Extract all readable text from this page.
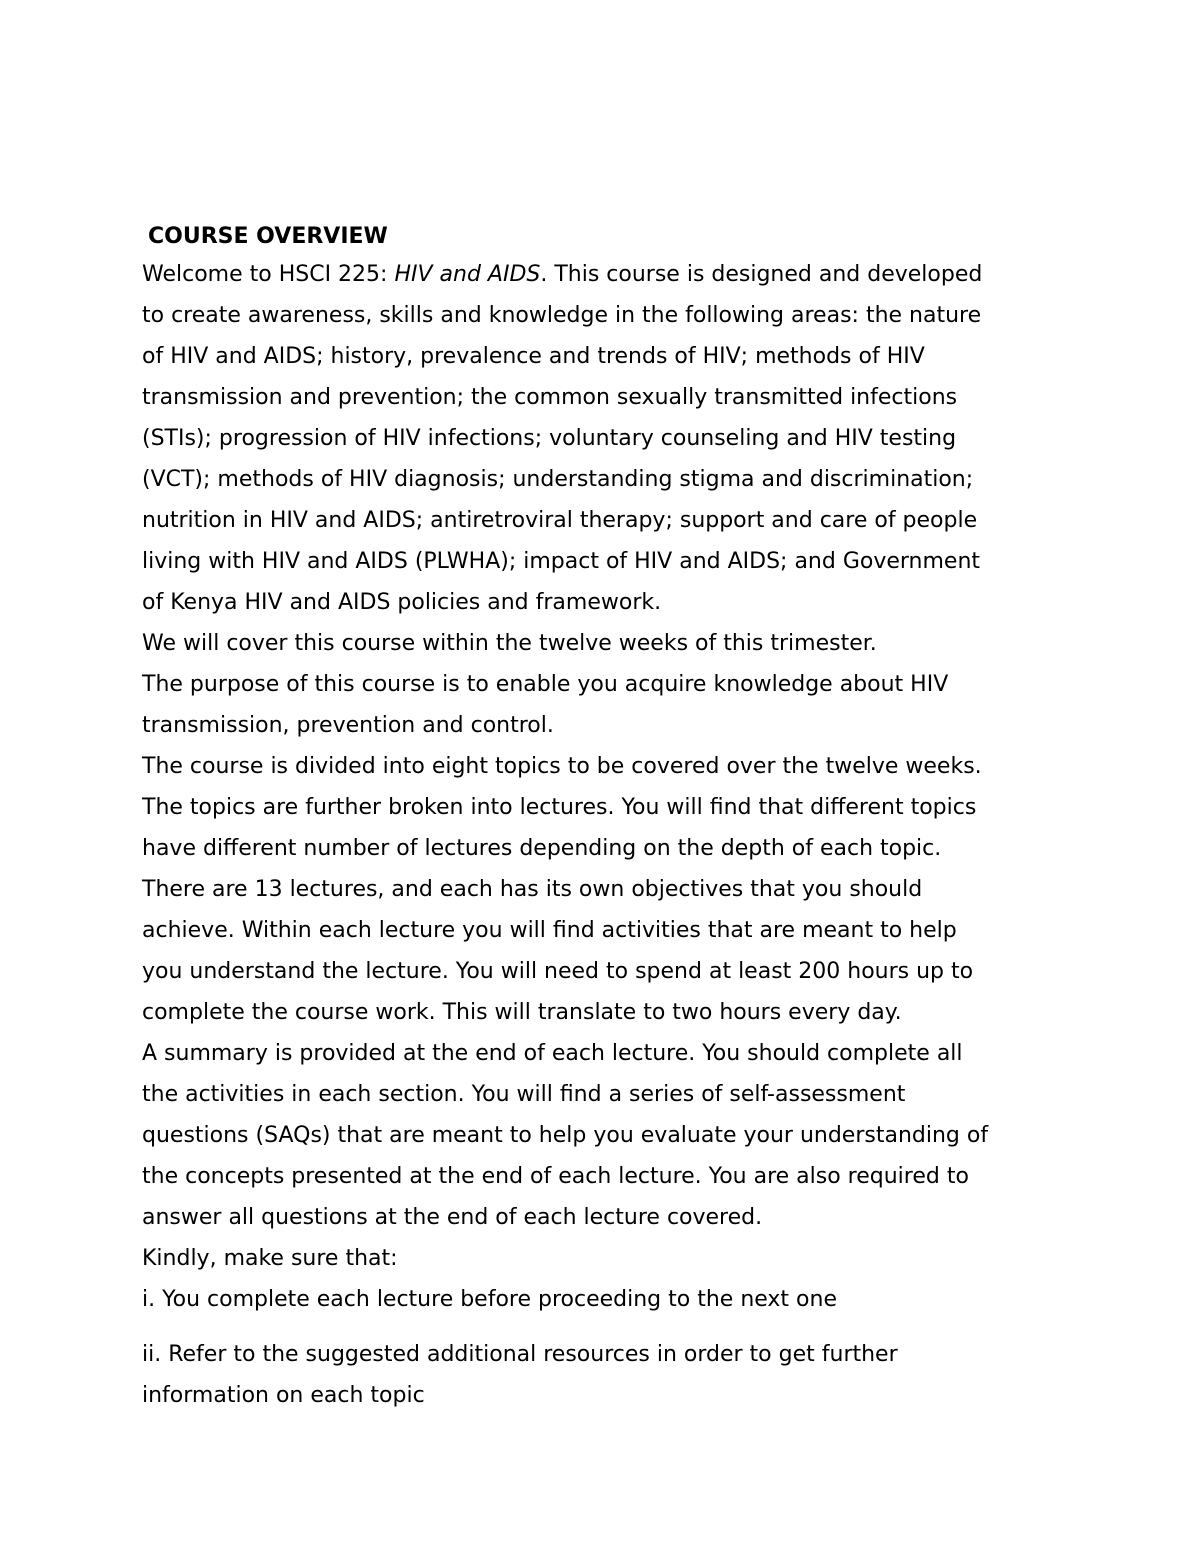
COURSE OVERVIEW
Welcome to HSCI 225: HIV and AIDS. This course is designed and developed
to create awareness, skills and knowledge in the following areas: the nature
of HIV and AIDS; history, prevalence and trends of HIV; methods of HIV
transmission and prevention; the common sexually transmitted infections
(STIs); progression of HIV infections; voluntary counseling and HIV testing
(VCT); methods of HIV diagnosis; understanding stigma and discrimination;
nutrition in HIV and AIDS; antiretroviral therapy; support and care of people
living with HIV and AIDS (PLWHA); impact of HIV and AIDS; and Government
of Kenya HIV and AIDS policies and framework.
We will cover this course within the twelve weeks of this trimester.
The purpose of this course is to enable you acquire knowledge about HIV
transmission, prevention and control.
The course is divided into eight topics to be covered over the twelve weeks.
The topics are further broken into lectures. You will find that different topics
have different number of lectures depending on the depth of each topic.
There are 13 lectures, and each has its own objectives that you should
achieve. Within each lecture you will find activities that are meant to help
you understand the lecture. You will need to spend at least 200 hours up to
complete the course work. This will translate to two hours every day.
A summary is provided at the end of each lecture. You should complete all
the activities in each section. You will find a series of self-assessment
questions (SAQs) that are meant to help you evaluate your understanding of
the concepts presented at the end of each lecture. You are also required to
answer all questions at the end of each lecture covered.
Kindly, make sure that:
i. You complete each lecture before proceeding to the next one
ii. Refer to the suggested additional resources in order to get further
information on each topic
